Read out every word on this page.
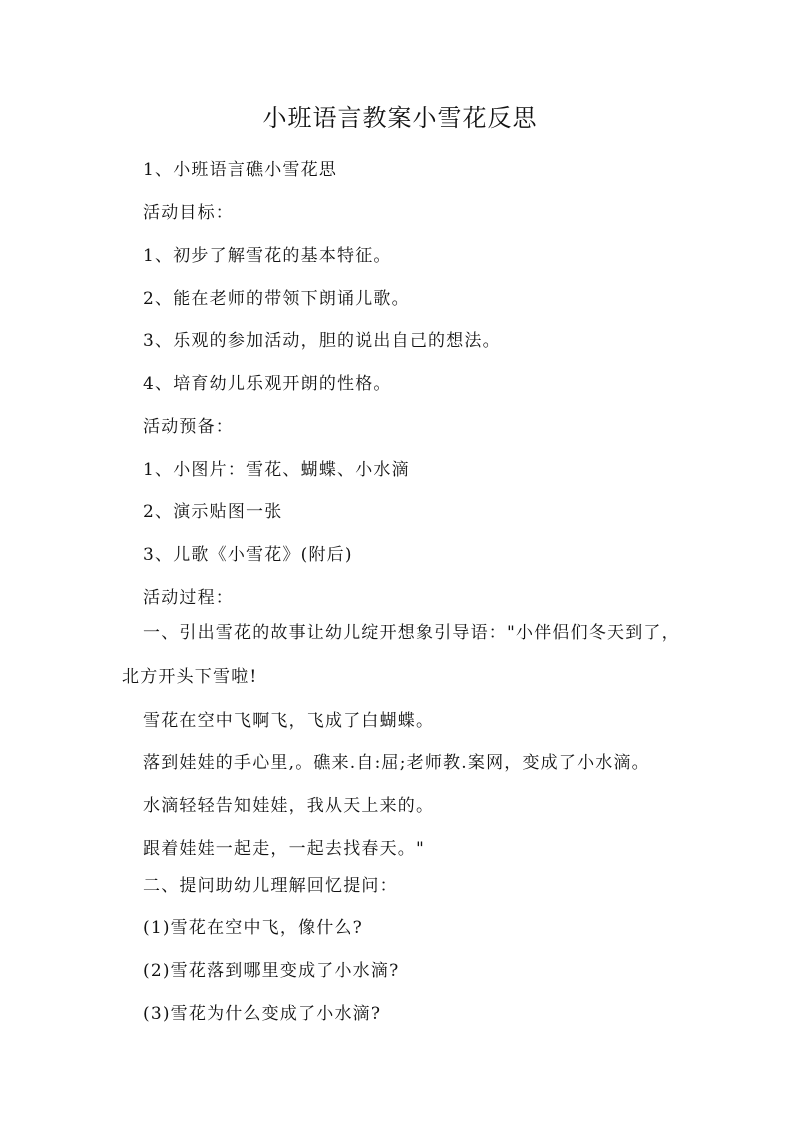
小班语言教案小雪花反思
1、小班语言礁小雪花思
活动目标：
1、初步了解雪花的基本特征。
2、能在老师的带领下朗诵儿歌。
3、乐观的参加活动，胆的说出自己的想法。
4、培育幼儿乐观开朗的性格。
活动预备：
1、小图片：雪花、蝴蝶、小水滴
2、演示贴图一张
3、儿歌《小雪花》(附后)
活动过程：
一、引出雪花的故事让幼儿绽开想象引导语："小伴侣们冬天到了，
北方开头下雪啦!
雪花在空中飞啊飞，飞成了白蝴蝶。
落到娃娃的手心里,。礁来.自:屈;老师教.案网，变成了小水滴。
水滴轻轻告知娃娃，我从天上来的。
跟着娃娃一起走，一起去找春天。"
二、提问助幼儿理解回忆提问：
(1)雪花在空中飞，像什么?
(2)雪花落到哪里变成了小水滴?
(3)雪花为什么变成了小水滴?
